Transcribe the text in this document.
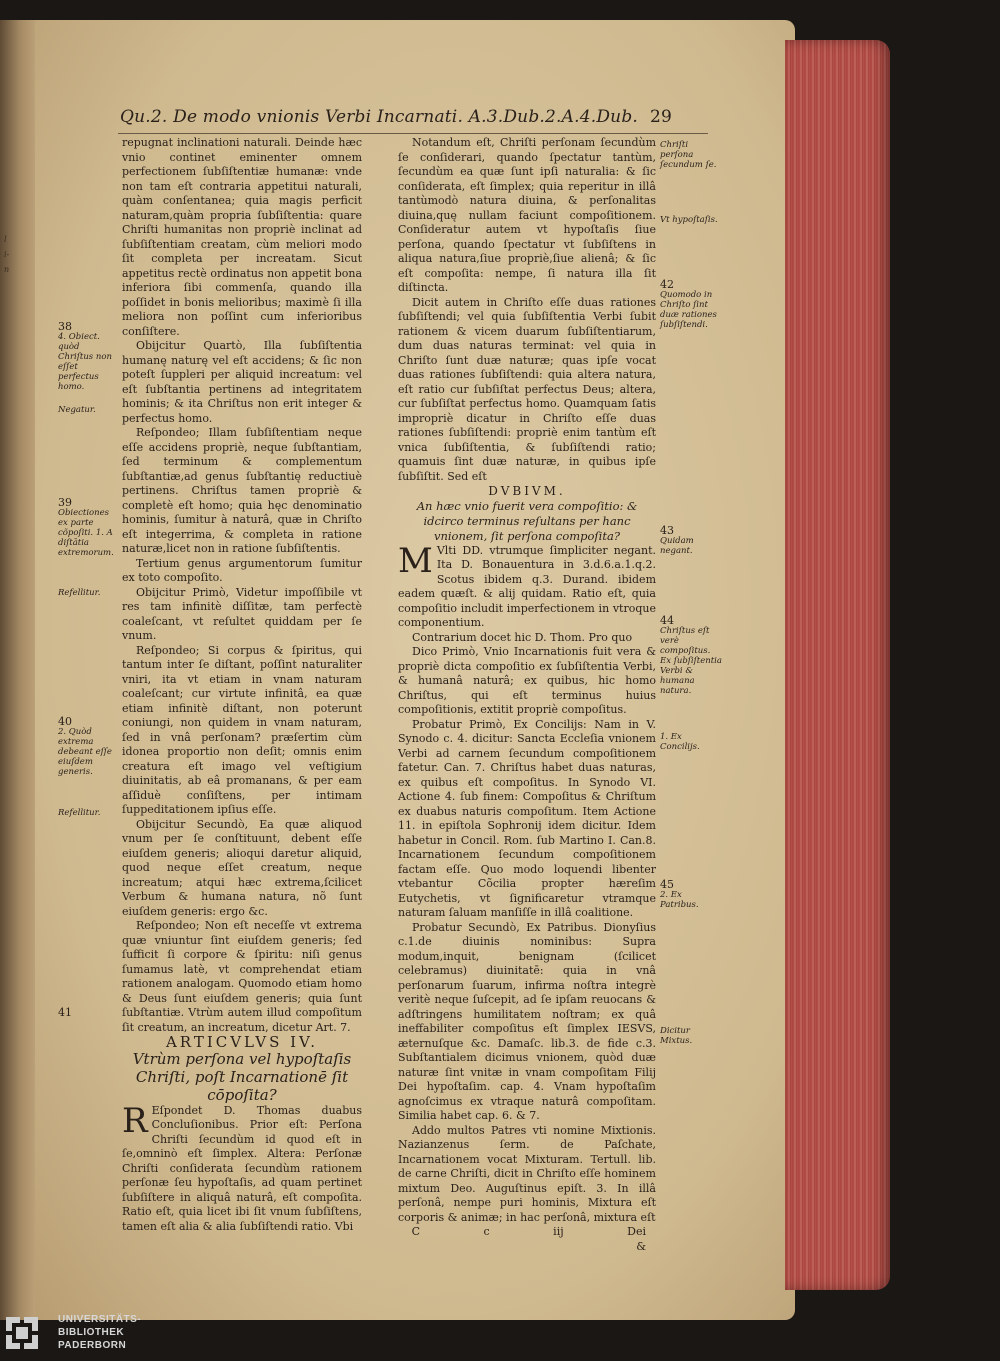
l
i-
n
Qu.2. De modo vnionis Verbi Incarnati. A.3.Dub.2.A.4.Dub. 29

repugnat inclinationi naturali. Deinde hæc vnio continet eminenter omnem perfectionem ſubſiſtentiæ humanæ: vnde non tam eſt contraria appetitui naturali, quàm conſentanea; quia magis perficit naturam,quàm propria ſubſiſtentia: quare Chriſti humanitas non propriè inclinat ad ſubſiſtentiam creatam, cùm meliori modo ſit completa per increatam. Sicut appetitus rectè ordinatus non appetit bona inferiora ſibi commenſa, quando illa poſſidet in bonis melioribus; maximè ſi illa meliora non poſſint cum inferioribus conſiſtere.

Obijcitur Quartò, Illa ſubſiſtentia humanę naturę vel eſt accidens; & ſic non poteſt ſuppleri per aliquid increatum: vel eſt ſubſtantia pertinens ad integritatem hominis; & ita Chriſtus non erit integer & perfectus homo.

Reſpondeo; Illam ſubſiſtentiam neque eſſe accidens propriè, neque ſubſtantiam, ſed terminum & complementum ſubſtantiæ,ad genus ſubſtantię reductiuè pertinens. Chriſtus tamen propriè & completè eſt homo; quia hęc denominatio hominis, ſumitur à naturâ, quæ in Chriſto eſt integerrima, & completa in ratione naturæ,licet non in ratione ſubſiſtentis.

Tertium genus argumentorum ſumitur ex toto compoſito.

Obijcitur Primò, Videtur impoſſibile vt res tam infinitè diſſitæ, tam perfectè coaleſcant, vt reſultet quiddam per ſe vnum.

Reſpondeo; Si corpus & ſpiritus, qui tantum inter ſe diſtant, poſſint naturaliter vniri, ita vt etiam in vnam naturam coaleſcant; cur virtute infinitâ, ea quæ etiam infinitè diſtant, non poterunt coniungi, non quidem in vnam naturam, ſed in vnâ perſonam? præſertim cùm idonea proportio non deſit; omnis enim creatura eſt imago vel veſtigium diuinitatis, ab eâ promanans, & per eam aſſiduè conſiſtens, per intimam ſuppeditationem ipſius eſſe.

Obijcitur Secundò, Ea quæ aliquod vnum per ſe conſtituunt, debent eſſe eiuſdem generis; alioqui daretur aliquid, quod neque eſſet creatum, neque increatum; atqui hæc extrema,ſcilicet Verbum & humana natura, nõ ſunt eiuſdem generis: ergo &c.

Reſpondeo; Non eſt neceſſe vt extrema quæ vniuntur ſint eiuſdem generis; ſed ſufficit ſi corpore & ſpiritu: niſi genus ſumamus latè, vt comprehendat etiam rationem analogam. Quomodo etiam homo & Deus ſunt eiuſdem generis; quia ſunt ſubſtantiæ. Vtrùm autem illud compoſitum ſit creatum, an increatum, dicetur Art. 7.

ARTICVLVS IV.

Vtrùm perſona vel hypoſtaſis Chriſti, poſt Incarnationē ſit cōpoſita?

R Eſpondet D. Thomas duabus Concluſionibus. Prior eſt: Perſona Chriſti ſecundùm id quod eſt in ſe,omninò eſt ſimplex. Altera: Perſonæ Chriſti conſiderata ſecundùm rationem perſonæ ſeu hypoſtaſis, ad quam pertinet ſubſiſtere in aliquâ naturâ, eſt compoſita. Ratio eſt, quia licet ibi ſit vnum ſubſiſtens, tamen eſt alia & alia ſubſiſtendi ratio. Vbi

Notandum eſt, Chriſti perſonam ſecundùm ſe conſiderari, quando ſpectatur tantùm, ſecundùm ea quæ ſunt ipſi naturalia: & ſic conſiderata, eſt ſimplex; quia reperitur in illâ tantùmodò natura diuina, & perſonalitas diuina,quę nullam faciunt compoſitionem. Conſideratur autem vt hypoſtaſis ſiue perſona, quando ſpectatur vt ſubſiſtens in aliqua natura,ſiue propriè,ſiue alienâ; & ſic eſt compoſita: nempe, ſi natura illa ſit diſtincta.

Dicit autem in Chriſto eſſe duas rationes ſubſiſtendi; vel quia ſubſiſtentia Verbi ſubit rationem & vicem duarum ſubſiſtentiarum, dum duas naturas terminat: vel quia in Chriſto ſunt duæ naturæ; quas ipſe vocat duas rationes ſubſiſtendi: quia altera natura, eſt ratio cur ſubſiſtat perfectus Deus; altera, cur ſubſiſtat perfectus homo. Quamquam ſatis impropriè dicatur in Chriſto eſſe duas rationes ſubſiſtendi: propriè enim tantùm eſt vnica ſubſiſtentia, & ſubſiſtendi ratio; quamuis ſint duæ naturæ, in quibus ipſe ſubſiſtit. Sed eſt

DVBIVM.

An hæc vnio fuerit vera compoſitio: & idcirco terminus reſultans per hanc vnionem, ſit perſona compoſita?

M Vlti DD. vtrumque ſimpliciter negant. Ita D. Bonauentura in 3.d.6.a.1.q.2. Scotus ibidem q.3. Durand. ibidem eadem quæſt. & alij quidam. Ratio eſt, quia compoſitio includit imperfectionem in vtroque componentium.

Contrarium docet hic D. Thom. Pro quo

Dico Primò, Vnio Incarnationis fuit vera & propriè dicta compoſitio ex ſubſiſtentia Verbi, & humanâ naturâ; ex quibus, hic homo Chriſtus, qui eſt terminus huius compoſitionis, extitit propriè compoſitus.

Probatur Primò, Ex Concilijs: Nam in V. Synodo c. 4. dicitur: Sancta Eccleſia vnionem Verbi ad carnem ſecundum compoſitionem fatetur. Can. 7. Chriſtus habet duas naturas, ex quibus eſt compoſitus. In Synodo VI. Actione 4. ſub finem: Compoſitus & Chriſtum ex duabus naturis compoſitum. Item Actione 11. in epiſtola Sophronij idem dicitur. Idem habetur in Concil. Rom. ſub Martino I. Can.8. Incarnationem ſecundum compoſitionem factam eſſe. Quo modo loquendi libenter vtebantur Cõcilia propter hæreſim Eutychetis, vt ſignificaretur vtramque naturam ſaluam manſiſſe in illâ coalitione.

Probatur Secundò, Ex Patribus. Dionyſius c.1.de diuinis nominibus: Supra modum,inquit, benignam (ſcilicet celebramus) diuinitatē: quia in vnâ perſonarum ſuarum, infirma noſtra integrè veritè neque ſuſcepit, ad ſe ipſam reuocans & adſtringens humilitatem noſtram; ex quâ ineffabiliter compoſitus eſt ſimplex IESVS, æternuſque &c. Damaſc. lib.3. de fide c.3. Subſtantialem dicimus vnionem, quòd duæ naturæ ſint vnitæ in vnam compoſitam Filij Dei hypoſtaſim. cap. 4. Vnam hypoſtaſim agnoſcimus ex vtraque naturâ compoſitam. Similia habet cap. 6. & 7.

Addo multos Patres vti nomine Mixtionis. Nazianzenus ſerm. de Paſchate, Incarnationem vocat Mixturam. Tertull. lib. de carne Chriſti, dicit in Chriſto eſſe hominem mixtum Deo. Auguſtinus epiſt. 3. In illâ perſonâ, nempe puri hominis, Mixtura eſt corporis & animæ; in hac perſonâ, mixtura eſt

C c iij	Dei &

38
4. Obiect. quòd Chriſtus non eſſet perfectus homo.
Negatur.
39
Obiectiones ex parte cõpoſiti. 1. A diſtātia extremorum.
Refellitur.
40
2. Quòd extrema debeant eſſe eiuſdem generis.
Refellitur.
41
Chriſti perſona ſecundum ſe.
Vt hypoſtaſis.
42
Quomodo in Chriſto ſint duæ rationes ſubſiſtendi.
43
Quidam negant.
44
Chriſtus eſt verè compoſitus. Ex ſubſiſtentia Verbi & humana natura.
1. Ex Concilijs.
45
2. Ex Patribus.
Dicitur Mixtus.
UNIVERSITÄTS-
BIBLIOTHEK
PADERBORN
